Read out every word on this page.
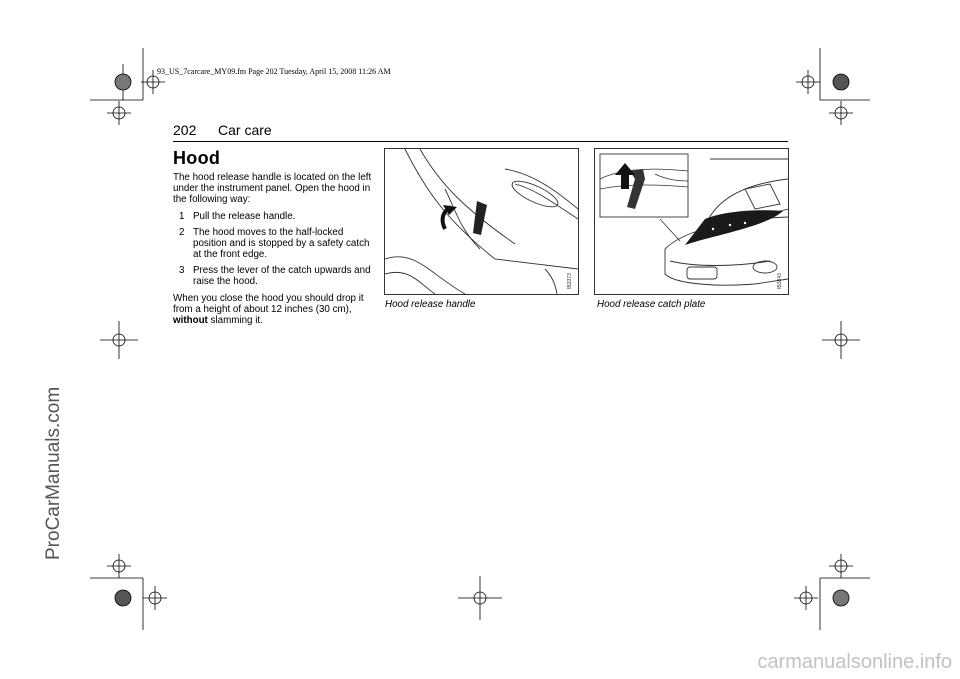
93_US_7carcare_MY09.fm Page 202 Tuesday, April 15, 2008 11:26 AM
202 Car care
Hood

The hood release handle is located on the left under the instrument panel. Open the hood in the following way:

1 Pull the release handle.
2 The hood moves to the half-locked position and is stopped by a safety catch at the front edge.
3 Press the lever of the catch upwards and raise the hood.

When you close the hood you should drop it from a height of about 12 inches (30 cm), without slamming it.

IB3373	IB3843
Hood release handle	Hood release catch plate
ProCarManuals.com
carmanualsonline.info
